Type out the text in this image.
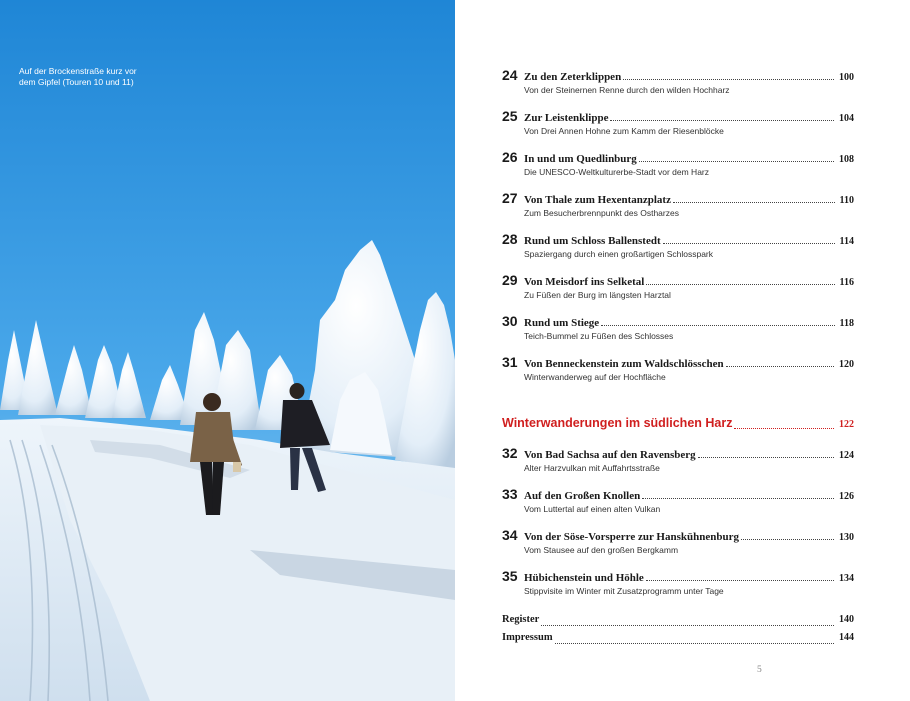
Auf der Brockenstraße kurz vor dem Gipfel (Touren 10 und 11)	24 Zu den Zeterklippen	100
Von der Steinernen Renne durch den wilden Hochharz
25 Zur Leistenklippe	104
Von Drei Annen Hohne zum Kamm der Riesenblöcke
26 In und um Quedlinburg	108
Die UNESCO-Weltkulturerbe-Stadt vor dem Harz
27 Von Thale zum Hexentanzplatz	110
Zum Besucherbrennpunkt des Ostharzes
28 Rund um Schloss Ballenstedt	114
Spaziergang durch einen großartigen Schlosspark
29 Von Meisdorf ins Selketal	116
Zu Füßen der Burg im längsten Harztal
30 Rund um Stiege	118
Teich-Bummel zu Füßen des Schlosses
31 Von Benneckenstein zum Waldschlösschen	120
Winterwanderweg auf der Hochfläche
Winterwanderungen im südlichen Harz	122
32 Von Bad Sachsa auf den Ravensberg	124
Alter Harzvulkan mit Auffahrtsstraße
33 Auf den Großen Knollen	126
Vom Luttertal auf einen alten Vulkan
34 Von der Söse-Vorsperre zur Hanskühnenburg	130
Vom Stausee auf den großen Bergkamm
35 Hübichenstein und Höhle	134
Stippvisite im Winter mit Zusatzprogramm unter Tage
Register	140
Impressum	144
5
